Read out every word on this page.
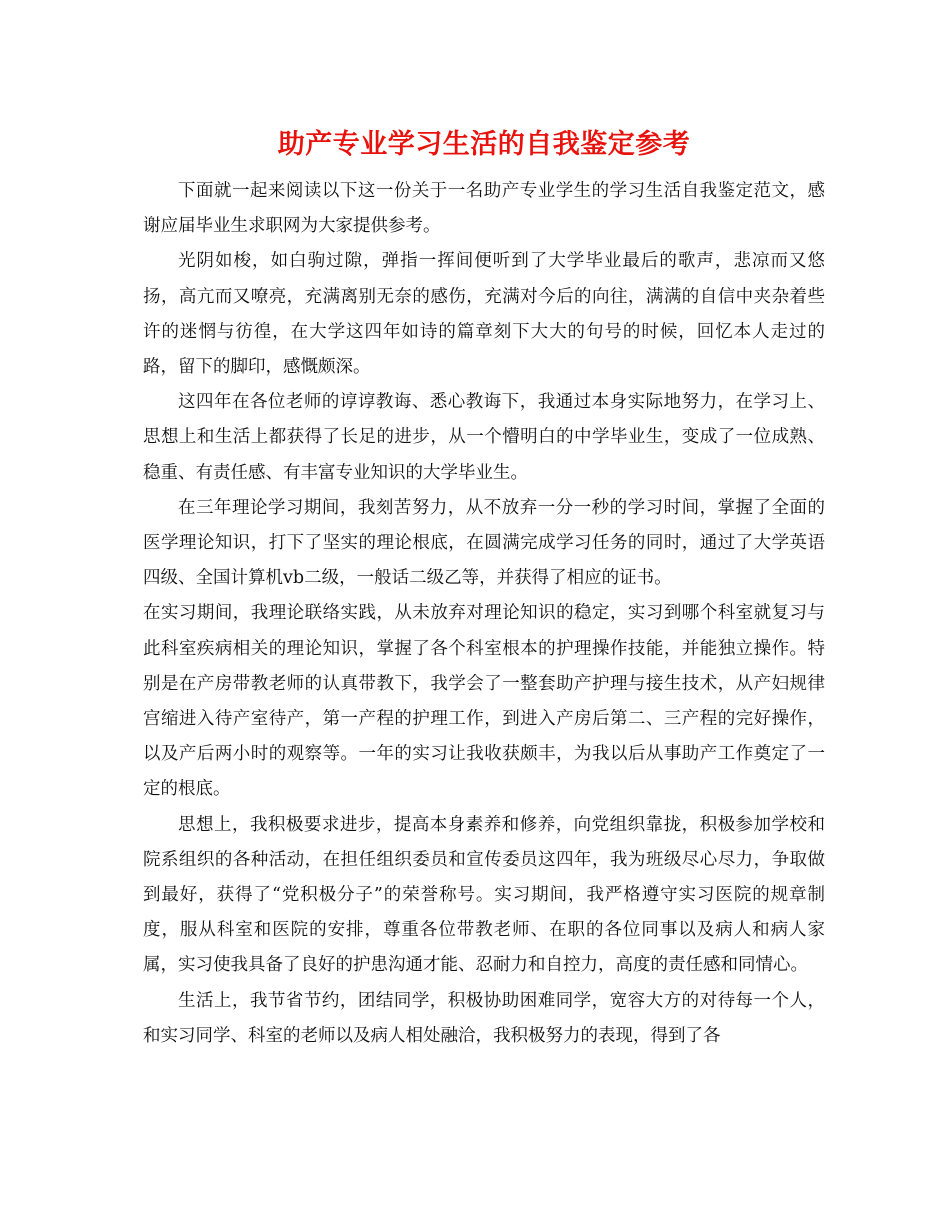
助产专业学习生活的自我鉴定参考

下面就一起来阅读以下这一份关于一名助产专业学生的学习生活自我鉴定范文，感谢应届毕业生求职网为大家提供参考。

光阴如梭，如白驹过隙，弹指一挥间便听到了大学毕业最后的歌声，悲凉而又悠扬，高亢而又嘹亮，充满离别无奈的感伤，充满对今后的向往，满满的自信中夹杂着些许的迷惘与彷徨，在大学这四年如诗的篇章刻下大大的句号的时候，回忆本人走过的路，留下的脚印，感慨颇深。

这四年在各位老师的谆谆教诲、悉心教诲下，我通过本身实际地努力，在学习上、思想上和生活上都获得了长足的进步，从一个懵明白的中学毕业生，变成了一位成熟、稳重、有责任感、有丰富专业知识的大学毕业生。

在三年理论学习期间，我刻苦努力，从不放弃一分一秒的学习时间，掌握了全面的医学理论知识，打下了坚实的理论根底，在圆满完成学习任务的同时，通过了大学英语四级、全国计算机vb二级，一般话二级乙等，并获得了相应的证书。

在实习期间，我理论联络实践，从未放弃对理论知识的稳定，实习到哪个科室就复习与此科室疾病相关的理论知识，掌握了各个科室根本的护理操作技能，并能独立操作。特别是在产房带教老师的认真带教下，我学会了一整套助产护理与接生技术，从产妇规律宫缩进入待产室待产，第一产程的护理工作，到进入产房后第二、三产程的完好操作，以及产后两小时的观察等。一年的实习让我收获颇丰，为我以后从事助产工作奠定了一定的根底。

思想上，我积极要求进步，提高本身素养和修养，向党组织靠拢，积极参加学校和院系组织的各种活动，在担任组织委员和宣传委员这四年，我为班级尽心尽力，争取做到最好，获得了“党积极分子”的荣誉称号。实习期间，我严格遵守实习医院的规章制度，服从科室和医院的安排，尊重各位带教老师、在职的各位同事以及病人和病人家属，实习使我具备了良好的护患沟通才能、忍耐力和自控力，高度的责任感和同情心。

生活上，我节省节约，团结同学，积极协助困难同学，宽容大方的对待每一个人，和实习同学、科室的老师以及病人相处融洽，我积极努力的表现，得到了各
